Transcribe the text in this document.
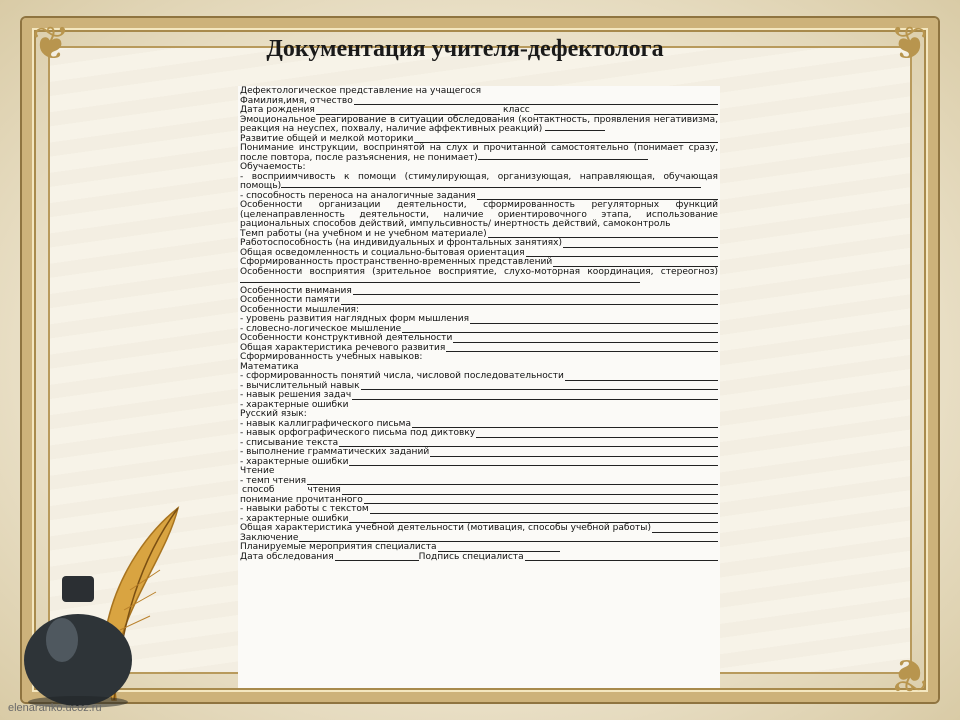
❦	❦
❦
Документация учителя-дефектолога
Дефектологическое представление на учащегося
Фамилия,имя, отчество
Дата рождения	класс
Эмоциональное реагирование в ситуации обследования (контактность, проявления негативизма, реакция на неуспех, похвалу, наличие аффективных реакций)
Развитие общей и мелкой моторики
Понимание инструкции, воспринятой на слух и прочитанной самостоятельно (понимает сразу, после повтора, после разъяснения, не понимает)
Обучаемость:
- восприимчивость к помощи (стимулирующая, организующая, направляющая, обучающая помощь)
- способность переноса на аналогичные задания
Особенности организации деятельности, сформированность регуляторных функций (целенаправленность деятельности, наличие ориентировочного этапа, использование рациональных способов действий, импульсивность/ инертность действий, самоконтроль
Темп работы (на учебном и не учебном материале)
Работоспособность (на индивидуальных и фронтальных занятиях)
Общая осведомленность и социально-бытовая ориентация
Сформированность пространственно-временных представлений
Особенности восприятия (зрительное восприятие, слухо-моторная координация, стереогноз)
Особенности внимания
Особенности памяти
Особенности мышления:
- уровень развития наглядных форм мышления
- словесно-логическое мышление
Особенности конструктивной деятельности
Общая характеристика речевого развития
Сформированность учебных навыков:
Математика
- сформированность понятий числа, числовой последовательности
- вычислительный навык
- навык решения задач
- характерные ошибки
Русский язык:
- навык каллиграфического письма
- навык орфографического письма под диктовку
- списывание текста
- выполнение грамматических заданий
- характерные ошибки
Чтение
- темп чтения
способ чтения
понимание прочитанного
- навыки работы с текстом
- характерные ошибки
Общая характеристика учебной деятельности (мотивация, способы учебной работы)
Заключение
Планируемые мероприятия специалиста
Дата обследования	Подпись специалиста
elenaranko.ucoz.ru
